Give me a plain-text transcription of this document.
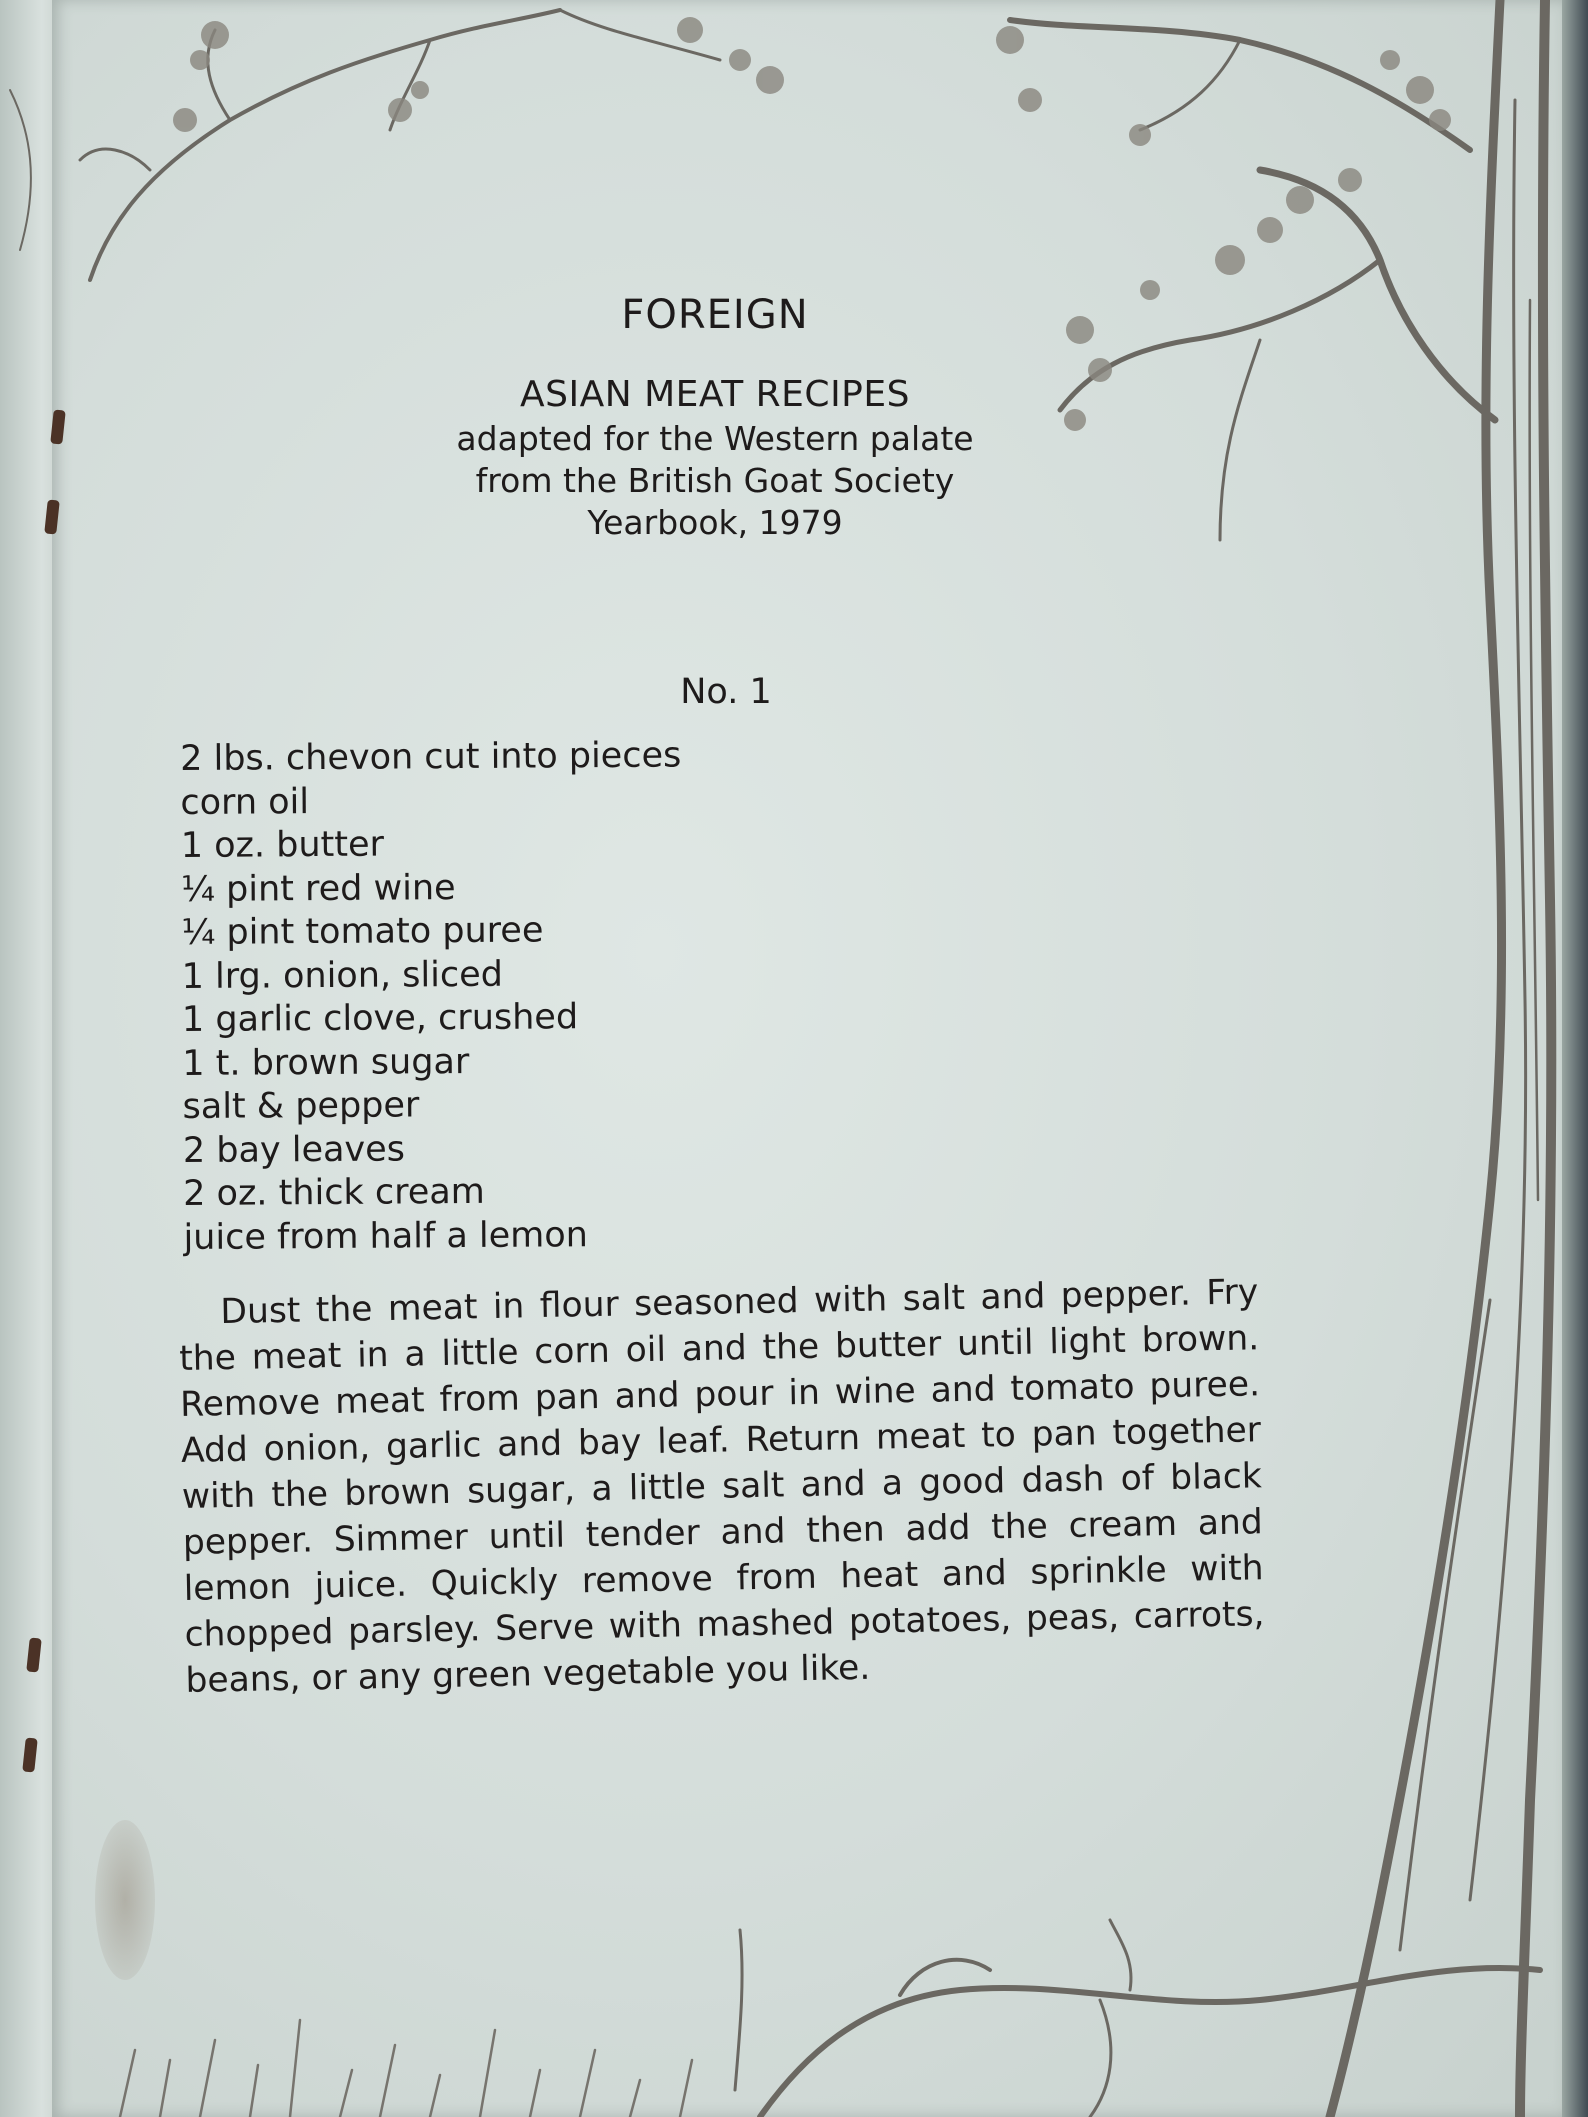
FOREIGN
ASIAN MEAT RECIPES
adapted for the Western palate
from the British Goat Society
Yearbook, 1979
No. 1
2 lbs. chevon cut into pieces
corn oil
1 oz. butter
¼ pint red wine
¼ pint tomato puree
1 lrg. onion, sliced
1 garlic clove, crushed
1 t. brown sugar
salt & pepper
2 bay leaves
2 oz. thick cream
juice from half a lemon

Dust the meat in flour seasoned with salt and pepper. Fry the meat in a little corn oil and the butter until light brown. Remove meat from pan and pour in wine and tomato puree. Add onion, garlic and bay leaf. Return meat to pan together with the brown sugar, a little salt and a good dash of black pepper. Simmer until tender and then add the cream and lemon juice. Quickly remove from heat and sprinkle with chopped parsley. Serve with mashed potatoes, peas, carrots, beans, or any green vegetable you like.
